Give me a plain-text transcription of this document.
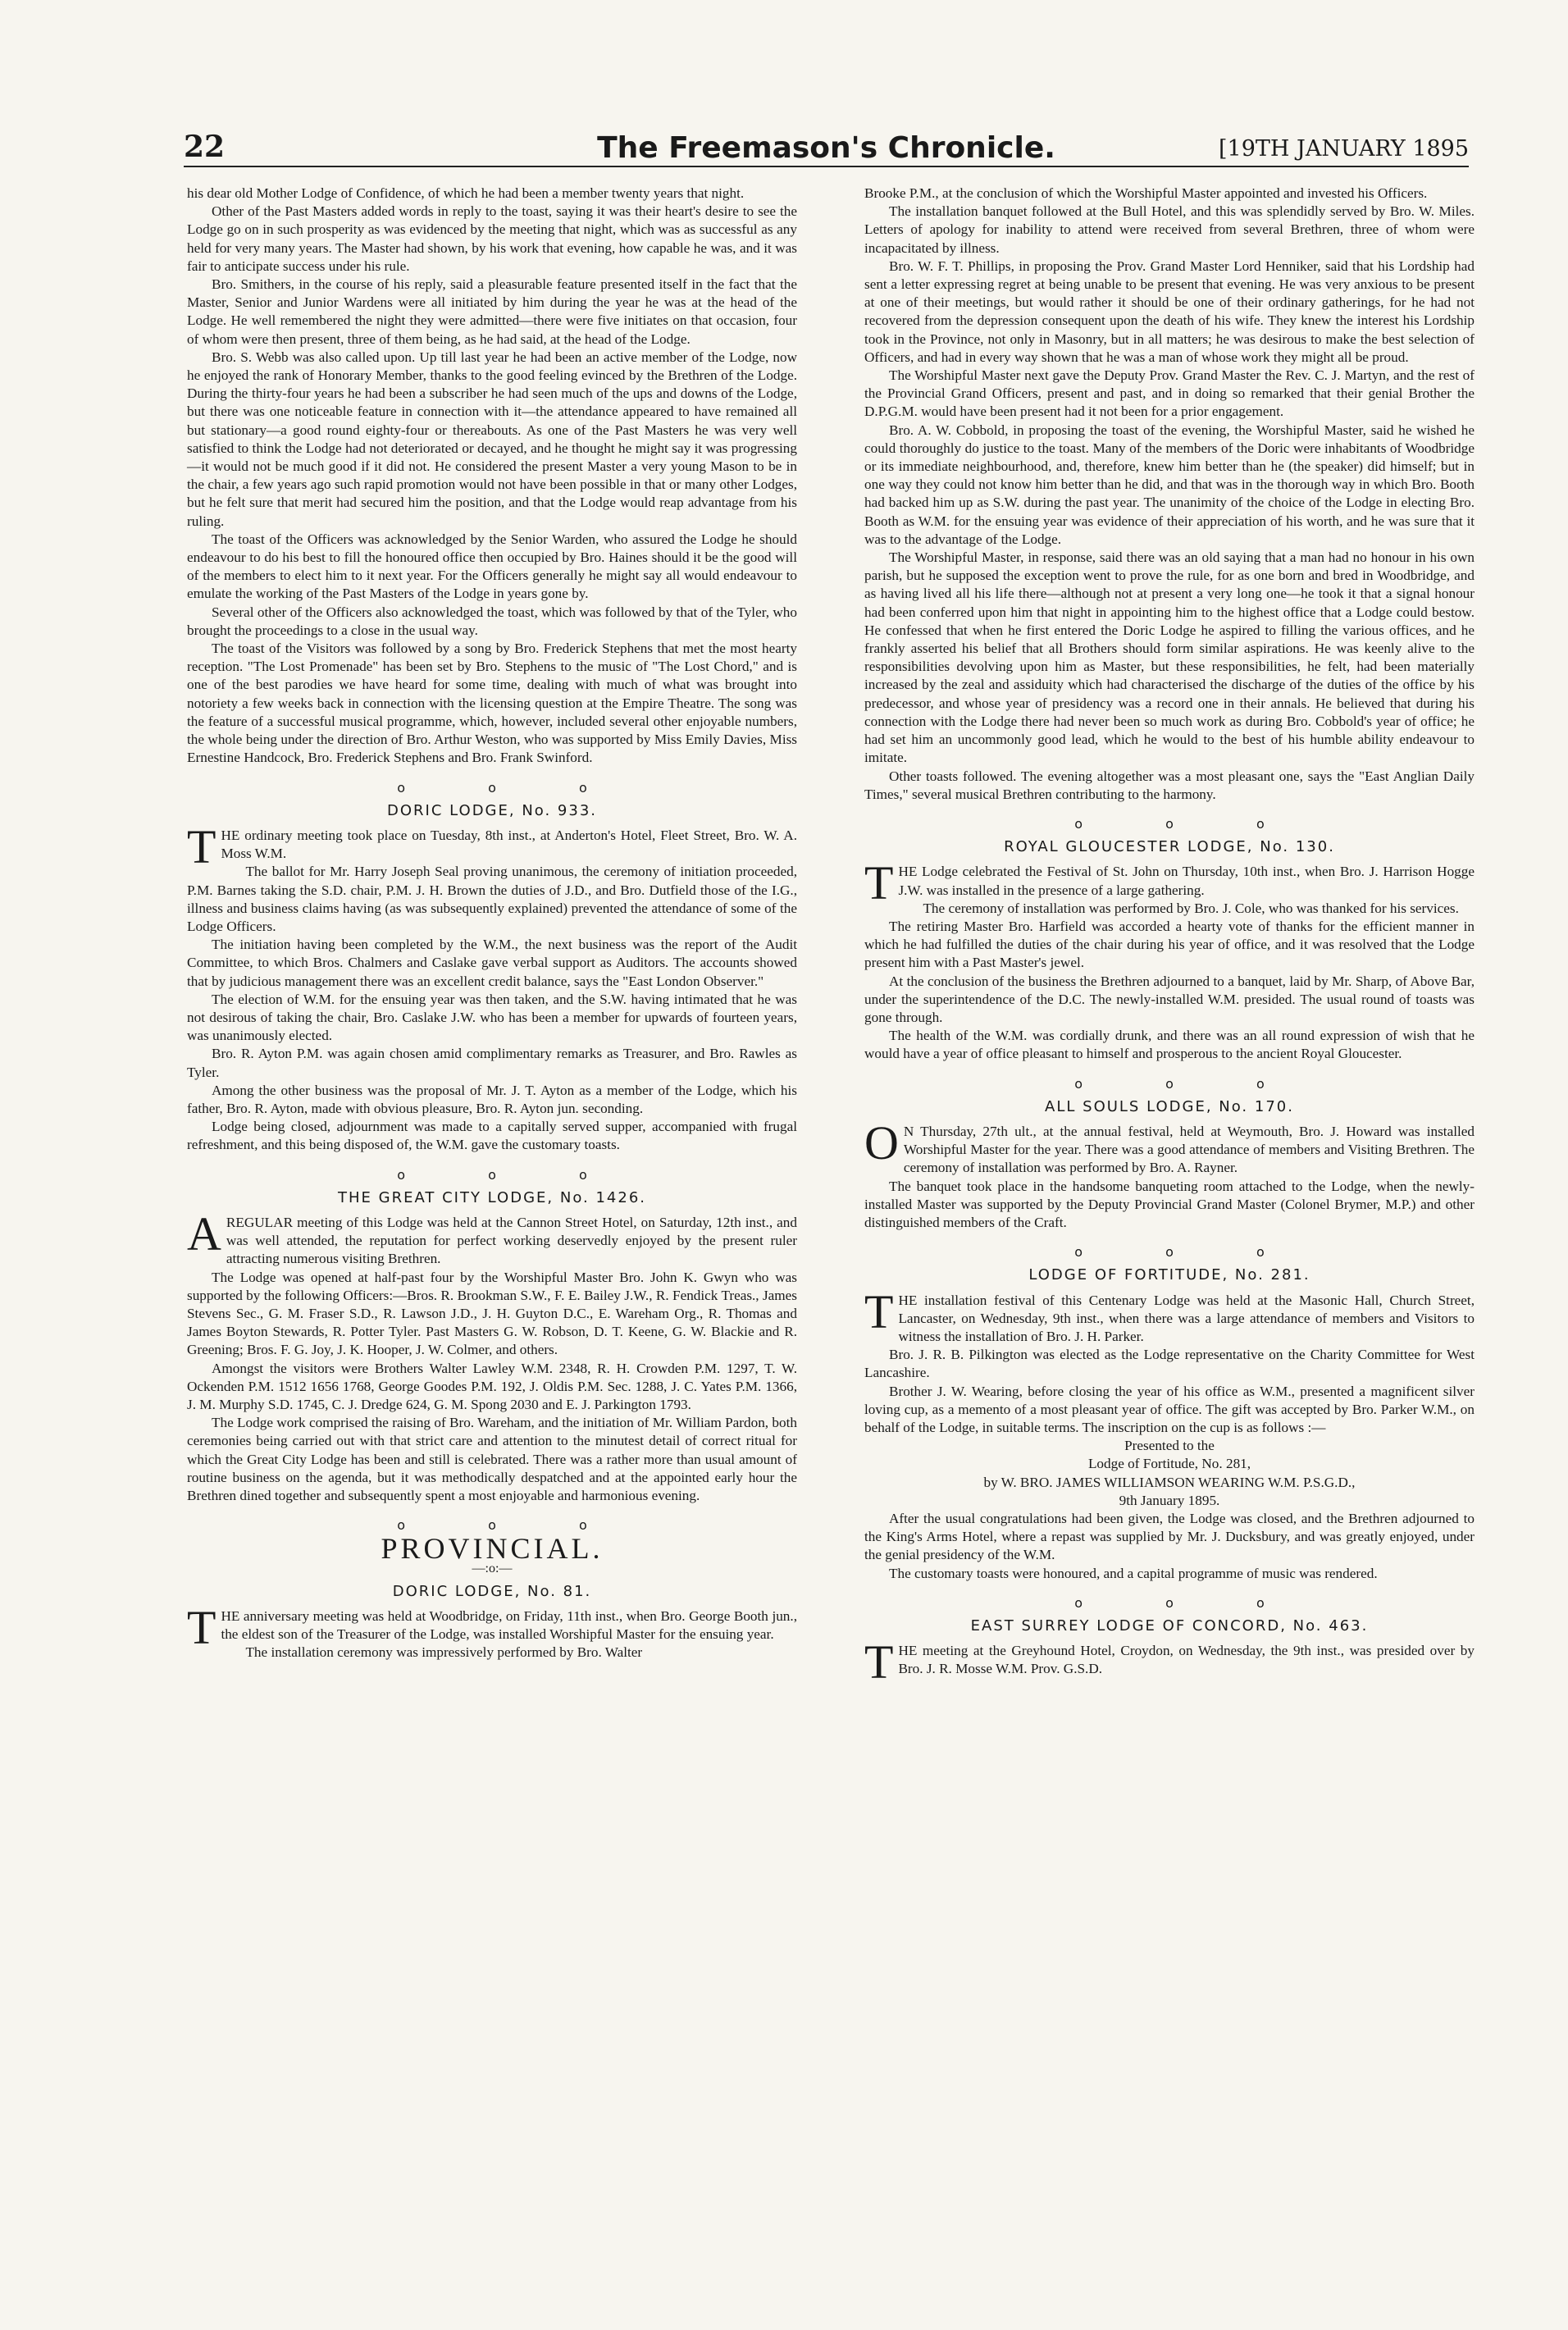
22	The Freemason's Chronicle.	[19TH JANUARY 1895

his dear old Mother Lodge of Confidence, of which he had been a member twenty years that night.

Other of the Past Masters added words in reply to the toast, saying it was their heart's desire to see the Lodge go on in such prosperity as was evidenced by the meeting that night, which was as successful as any held for very many years. The Master had shown, by his work that evening, how capable he was, and it was fair to anticipate success under his rule.

Bro. Smithers, in the course of his reply, said a pleasurable feature presented itself in the fact that the Master, Senior and Junior Wardens were all initiated by him during the year he was at the head of the Lodge. He well remembered the night they were admitted—there were five initiates on that occasion, four of whom were then present, three of them being, as he had said, at the head of the Lodge.

Bro. S. Webb was also called upon. Up till last year he had been an active member of the Lodge, now he enjoyed the rank of Honorary Member, thanks to the good feeling evinced by the Brethren of the Lodge. During the thirty-four years he had been a subscriber he had seen much of the ups and downs of the Lodge, but there was one noticeable feature in connection with it—the attendance appeared to have remained all but stationary—a good round eighty-four or thereabouts. As one of the Past Masters he was very well satisfied to think the Lodge had not deteriorated or decayed, and he thought he might say it was progressing—it would not be much good if it did not. He considered the present Master a very young Mason to be in the chair, a few years ago such rapid promotion would not have been possible in that or many other Lodges, but he felt sure that merit had secured him the position, and that the Lodge would reap advantage from his ruling.

The toast of the Officers was acknowledged by the Senior Warden, who assured the Lodge he should endeavour to do his best to fill the honoured office then occupied by Bro. Haines should it be the good will of the members to elect him to it next year. For the Officers generally he might say all would endeavour to emulate the working of the Past Masters of the Lodge in years gone by.

Several other of the Officers also acknowledged the toast, which was followed by that of the Tyler, who brought the proceedings to a close in the usual way.

The toast of the Visitors was followed by a song by Bro. Frederick Stephens that met the most hearty reception. "The Lost Promenade" has been set by Bro. Stephens to the music of "The Lost Chord," and is one of the best parodies we have heard for some time, dealing with much of what was brought into notoriety a few weeks back in connection with the licensing question at the Empire Theatre. The song was the feature of a successful musical programme, which, however, included several other enjoyable numbers, the whole being under the direction of Bro. Arthur Weston, who was supported by Miss Emily Davies, Miss Ernestine Handcock, Bro. Frederick Stephens and Bro. Frank Swinford.

o o o
DORIC LODGE, No. 933.

THE ordinary meeting took place on Tuesday, 8th inst., at Anderton's Hotel, Fleet Street, Bro. W. A. Moss W.M.

The ballot for Mr. Harry Joseph Seal proving unanimous, the ceremony of initiation proceeded, P.M. Barnes taking the S.D. chair, P.M. J. H. Brown the duties of J.D., and Bro. Dutfield those of the I.G., illness and business claims having (as was subsequently explained) prevented the attendance of some of the Lodge Officers.

The initiation having been completed by the W.M., the next business was the report of the Audit Committee, to which Bros. Chalmers and Caslake gave verbal support as Auditors. The accounts showed that by judicious management there was an excellent credit balance, says the "East London Observer."

The election of W.M. for the ensuing year was then taken, and the S.W. having intimated that he was not desirous of taking the chair, Bro. Caslake J.W. who has been a member for upwards of fourteen years, was unanimously elected.

Bro. R. Ayton P.M. was again chosen amid complimentary remarks as Treasurer, and Bro. Rawles as Tyler.

Among the other business was the proposal of Mr. J. T. Ayton as a member of the Lodge, which his father, Bro. R. Ayton, made with obvious pleasure, Bro. R. Ayton jun. seconding.

Lodge being closed, adjournment was made to a capitally served supper, accompanied with frugal refreshment, and this being disposed of, the W.M. gave the customary toasts.

o o o
THE GREAT CITY LODGE, No. 1426.

AREGULAR meeting of this Lodge was held at the Cannon Street Hotel, on Saturday, 12th inst., and was well attended, the reputation for perfect working deservedly enjoyed by the present ruler attracting numerous visiting Brethren.

The Lodge was opened at half-past four by the Worshipful Master Bro. John K. Gwyn who was supported by the following Officers:—Bros. R. Brookman S.W., F. E. Bailey J.W., R. Fendick Treas., James Stevens Sec., G. M. Fraser S.D., R. Lawson J.D., J. H. Guyton D.C., E. Wareham Org., R. Thomas and James Boyton Stewards, R. Potter Tyler. Past Masters G. W. Robson, D. T. Keene, G. W. Blackie and R. Greening; Bros. F. G. Joy, J. K. Hooper, J. W. Colmer, and others.

Amongst the visitors were Brothers Walter Lawley W.M. 2348, R. H. Crowden P.M. 1297, T. W. Ockenden P.M. 1512 1656 1768, George Goodes P.M. 192, J. Oldis P.M. Sec. 1288, J. C. Yates P.M. 1366, J. M. Murphy S.D. 1745, C. J. Dredge 624, G. M. Spong 2030 and E. J. Parkington 1793.

The Lodge work comprised the raising of Bro. Wareham, and the initiation of Mr. William Pardon, both ceremonies being carried out with that strict care and attention to the minutest detail of correct ritual for which the Great City Lodge has been and still is celebrated. There was a rather more than usual amount of routine business on the agenda, but it was methodically despatched and at the appointed early hour the Brethren dined together and subsequently spent a most enjoyable and harmonious evening.

o o o
PROVINCIAL.
—:o:—
DORIC LODGE, No. 81.

THE anniversary meeting was held at Woodbridge, on Friday, 11th inst., when Bro. George Booth jun., the eldest son of the Treasurer of the Lodge, was installed Worshipful Master for the ensuing year.

The installation ceremony was impressively performed by Bro. Walter

Brooke P.M., at the conclusion of which the Worshipful Master appointed and invested his Officers.

The installation banquet followed at the Bull Hotel, and this was splendidly served by Bro. W. Miles. Letters of apology for inability to attend were received from several Brethren, three of whom were incapacitated by illness.

Bro. W. F. T. Phillips, in proposing the Prov. Grand Master Lord Henniker, said that his Lordship had sent a letter expressing regret at being unable to be present that evening. He was very anxious to be present at one of their meetings, but would rather it should be one of their ordinary gatherings, for he had not recovered from the depression consequent upon the death of his wife. They knew the interest his Lordship took in the Province, not only in Masonry, but in all matters; he was desirous to make the best selection of Officers, and had in every way shown that he was a man of whose work they might all be proud.

The Worshipful Master next gave the Deputy Prov. Grand Master the Rev. C. J. Martyn, and the rest of the Provincial Grand Officers, present and past, and in doing so remarked that their genial Brother the D.P.G.M. would have been present had it not been for a prior engagement.

Bro. A. W. Cobbold, in proposing the toast of the evening, the Worshipful Master, said he wished he could thoroughly do justice to the toast. Many of the members of the Doric were inhabitants of Woodbridge or its immediate neighbourhood, and, therefore, knew him better than he (the speaker) did himself; but in one way they could not know him better than he did, and that was in the thorough way in which Bro. Booth had backed him up as S.W. during the past year. The unanimity of the choice of the Lodge in electing Bro. Booth as W.M. for the ensuing year was evidence of their appreciation of his worth, and he was sure that it was to the advantage of the Lodge.

The Worshipful Master, in response, said there was an old saying that a man had no honour in his own parish, but he supposed the exception went to prove the rule, for as one born and bred in Woodbridge, and as having lived all his life there—although not at present a very long one—he took it that a signal honour had been conferred upon him that night in appointing him to the highest office that a Lodge could bestow. He confessed that when he first entered the Doric Lodge he aspired to filling the various offices, and he frankly asserted his belief that all Brothers should form similar aspirations. He was keenly alive to the responsibilities devolving upon him as Master, but these responsibilities, he felt, had been materially increased by the zeal and assiduity which had characterised the discharge of the duties of the office by his predecessor, and whose year of presidency was a record one in their annals. He believed that during his connection with the Lodge there had never been so much work as during Bro. Cobbold's year of office; he had set him an uncommonly good lead, which he would to the best of his humble ability endeavour to imitate.

Other toasts followed. The evening altogether was a most pleasant one, says the "East Anglian Daily Times," several musical Brethren contributing to the harmony.

o o o
ROYAL GLOUCESTER LODGE, No. 130.

THE Lodge celebrated the Festival of St. John on Thursday, 10th inst., when Bro. J. Harrison Hogge J.W. was installed in the presence of a large gathering.

The ceremony of installation was performed by Bro. J. Cole, who was thanked for his services.

The retiring Master Bro. Harfield was accorded a hearty vote of thanks for the efficient manner in which he had fulfilled the duties of the chair during his year of office, and it was resolved that the Lodge present him with a Past Master's jewel.

At the conclusion of the business the Brethren adjourned to a banquet, laid by Mr. Sharp, of Above Bar, under the superintendence of the D.C. The newly-installed W.M. presided. The usual round of toasts was gone through.

The health of the W.M. was cordially drunk, and there was an all round expression of wish that he would have a year of office pleasant to himself and prosperous to the ancient Royal Gloucester.

o o o
ALL SOULS LODGE, No. 170.

O N Thursday, 27th ult., at the annual festival, held at Weymouth, Bro. J. Howard was installed Worshipful Master for the year. There was a good attendance of members and Visiting Brethren. The ceremony of installation was performed by Bro. A. Rayner.

The banquet took place in the handsome banqueting room attached to the Lodge, when the newly-installed Master was supported by the Deputy Provincial Grand Master (Colonel Brymer, M.P.) and other distinguished members of the Craft.

o o o
LODGE OF FORTITUDE, No. 281.

THE installation festival of this Centenary Lodge was held at the Masonic Hall, Church Street, Lancaster, on Wednesday, 9th inst., when there was a large attendance of members and Visitors to witness the installation of Bro. J. H. Parker.

Bro. J. R. B. Pilkington was elected as the Lodge representative on the Charity Committee for West Lancashire.

Brother J. W. Wearing, before closing the year of his office as W.M., presented a magnificent silver loving cup, as a memento of a most pleasant year of office. The gift was accepted by Bro. Parker W.M., on behalf of the Lodge, in suitable terms. The inscription on the cup is as follows :—

Presented to the

Lodge of Fortitude, No. 281,

by W. BRO. JAMES WILLIAMSON WEARING W.M. P.S.G.D.,

9th January 1895.

After the usual congratulations had been given, the Lodge was closed, and the Brethren adjourned to the King's Arms Hotel, where a repast was supplied by Mr. J. Ducksbury, and was greatly enjoyed, under the genial presidency of the W.M.

The customary toasts were honoured, and a capital programme of music was rendered.

o o o
EAST SURREY LODGE OF CONCORD, No. 463.

THE meeting at the Greyhound Hotel, Croydon, on Wednesday, the 9th inst., was presided over by Bro. J. R. Mosse W.M. Prov. G.S.D.
